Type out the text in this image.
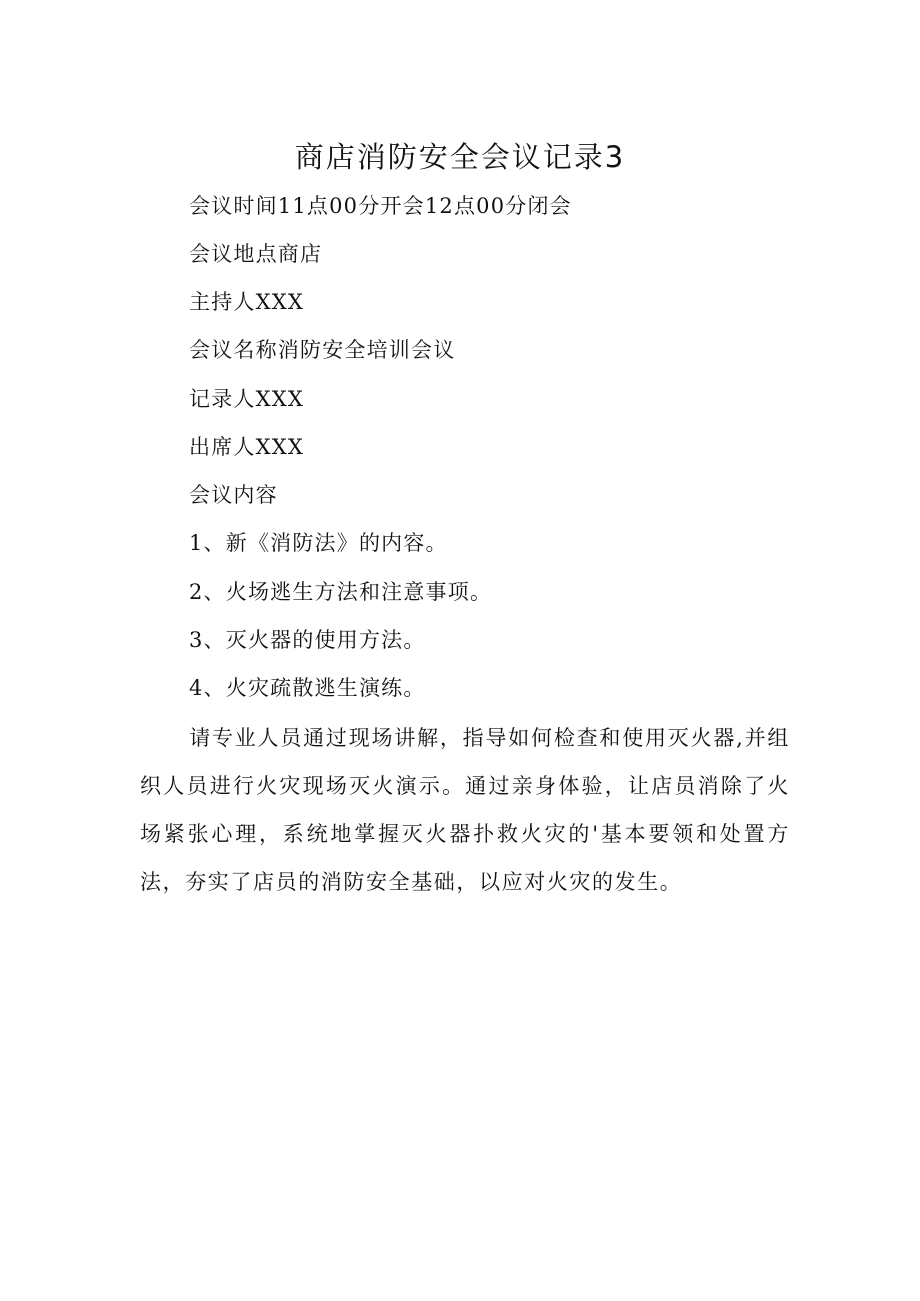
商店消防安全会议记录3
会议时间11点00分开会12点00分闭会
会议地点商店
主持人XXX
会议名称消防安全培训会议
记录人XXX
出席人XXX
会议内容
1、新《消防法》的内容。
2、火场逃生方法和注意事项。
3、灭火器的使用方法。
4、火灾疏散逃生演练。
请专业人员通过现场讲解，指导如何检查和使用灭火器,并组织人员进行火灾现场灭火演示。通过亲身体验，让店员消除了火场紧张心理，系统地掌握灭火器扑救火灾的'基本要领和处置方法，夯实了店员的消防安全基础，以应对火灾的发生。
